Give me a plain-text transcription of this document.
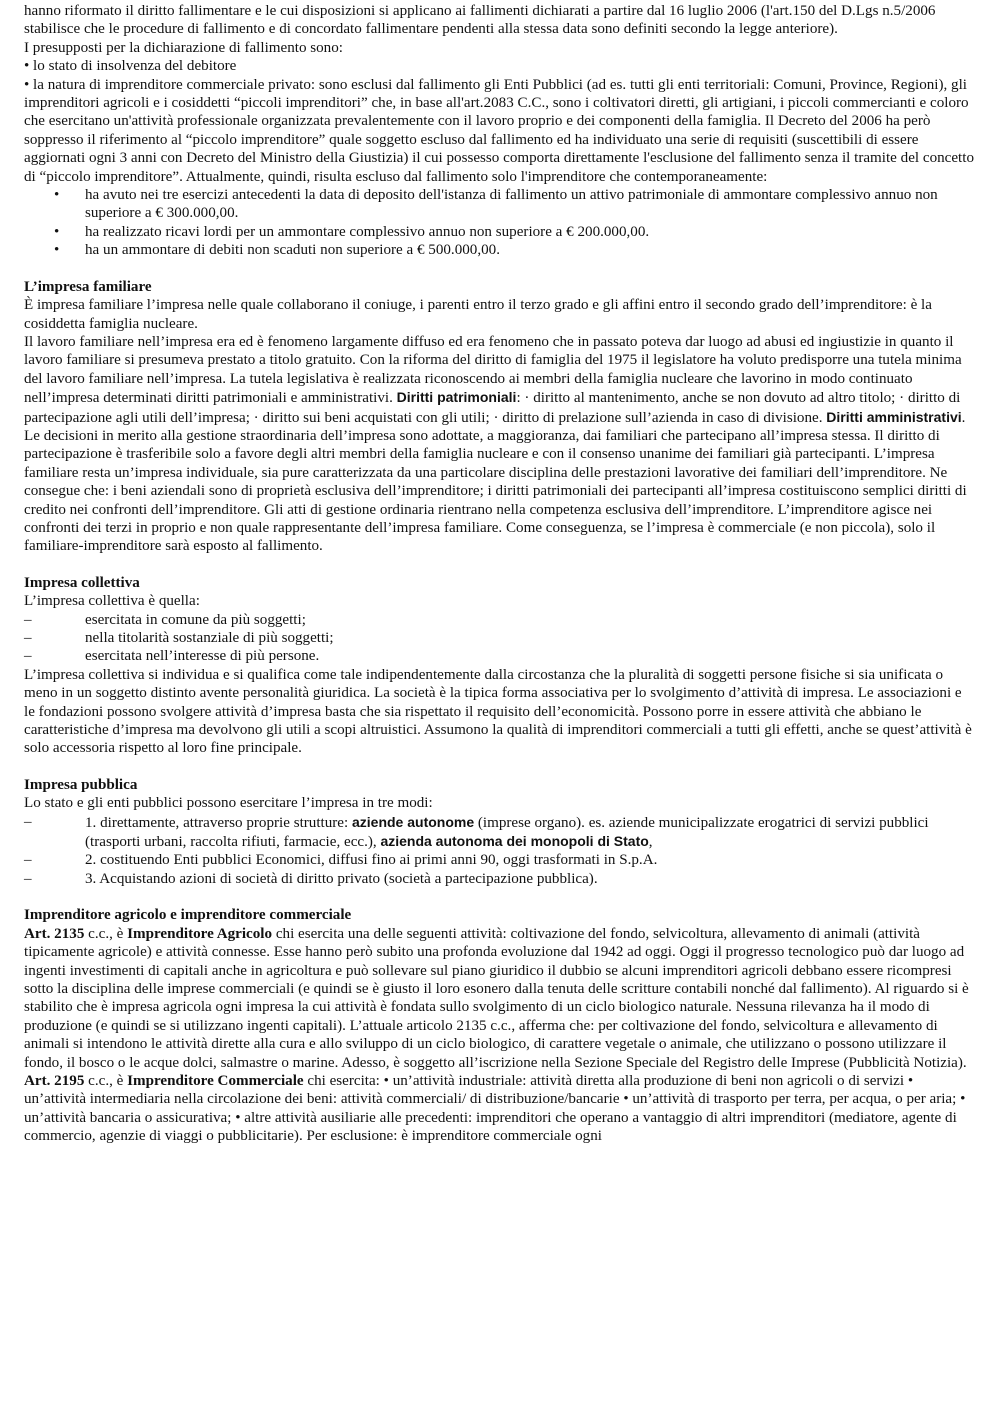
hanno riformato il diritto fallimentare e le cui disposizioni si applicano ai fallimenti dichiarati a partire dal 16 luglio 2006 (l'art.150 del D.Lgs n.5/2006 stabilisce che le procedure di fallimento e di concordato fallimentare pendenti alla stessa data sono definiti secondo la legge anteriore).

I presupposti per la dichiarazione di fallimento sono:

• lo stato di insolvenza del debitore

• la natura di imprenditore commerciale privato: sono esclusi dal fallimento gli Enti Pubblici (ad es. tutti gli enti territoriali: Comuni, Province, Regioni), gli imprenditori agricoli e i cosiddetti “piccoli imprenditori” che, in base all'art.2083 C.C., sono i coltivatori diretti, gli artigiani, i piccoli commercianti e coloro che esercitano un'attività professionale organizzata prevalentemente con il lavoro proprio e dei componenti della famiglia. Il Decreto del 2006 ha però soppresso il riferimento al “piccolo imprenditore” quale soggetto escluso dal fallimento ed ha individuato una serie di requisiti (suscettibili di essere aggiornati ogni 3 anni con Decreto del Ministro della Giustizia) il cui possesso comporta direttamente l'esclusione del fallimento senza il tramite del concetto di “piccolo imprenditore”. Attualmente, quindi, risulta escluso dal fallimento solo l'imprenditore che contemporaneamente:

• ha avuto nei tre esercizi antecedenti la data di deposito dell'istanza di fallimento un attivo patrimoniale di ammontare complessivo annuo non superiore a € 300.000,00.
• ha realizzato ricavi lordi per un ammontare complessivo annuo non superiore a € 200.000,00.
• ha un ammontare di debiti non scaduti non superiore a € 500.000,00.
L’impresa familiare

È impresa familiare l’impresa nelle quale collaborano il coniuge, i parenti entro il terzo grado e gli affini entro il secondo grado dell’imprenditore: è la cosiddetta famiglia nucleare.

Il lavoro familiare nell’impresa era ed è fenomeno largamente diffuso ed era fenomeno che in passato poteva dar luogo ad abusi ed ingiustizie in quanto il lavoro familiare si presumeva prestato a titolo gratuito. Con la riforma del diritto di famiglia del 1975 il legislatore ha voluto predisporre una tutela minima del lavoro familiare nell’impresa. La tutela legislativa è realizzata riconoscendo ai membri della famiglia nucleare che lavorino in modo continuato nell’impresa determinati diritti patrimoniali e amministrativi. Diritti patrimoniali: · diritto al mantenimento, anche se non dovuto ad altro titolo; · diritto di partecipazione agli utili dell’impresa; · diritto sui beni acquistati con gli utili; · diritto di prelazione sull’azienda in caso di divisione. Diritti amministrativi. Le decisioni in merito alla gestione straordinaria dell’impresa sono adottate, a maggioranza, dai familiari che partecipano all’impresa stessa. Il diritto di partecipazione è trasferibile solo a favore degli altri membri della famiglia nucleare e con il consenso unanime dei familiari già partecipanti. L’impresa familiare resta un’impresa individuale, sia pure caratterizzata da una particolare disciplina delle prestazioni lavorative dei familiari dell’imprenditore. Ne consegue che: i beni aziendali sono di proprietà esclusiva dell’imprenditore; i diritti patrimoniali dei partecipanti all’impresa costituiscono semplici diritti di credito nei confronti dell’imprenditore. Gli atti di gestione ordinaria rientrano nella competenza esclusiva dell’imprenditore. L’imprenditore agisce nei confronti dei terzi in proprio e non quale rappresentante dell’impresa familiare. Come conseguenza, se l’impresa è commerciale (e non piccola), solo il familiare-imprenditore sarà esposto al fallimento.

Impresa collettiva

L’impresa collettiva è quella:

– esercitata in comune da più soggetti;
– nella titolarità sostanziale di più soggetti;
– esercitata nell’interesse di più persone.

L’impresa collettiva si individua e si qualifica come tale indipendentemente dalla circostanza che la pluralità di soggetti persone fisiche si sia unificata o meno in un soggetto distinto avente personalità giuridica. La società è la tipica forma associativa per lo svolgimento d’attività di impresa. Le associazioni e le fondazioni possono svolgere attività d’impresa basta che sia rispettato il requisito dell’economicità. Possono porre in essere attività che abbiano le caratteristiche d’impresa ma devolvono gli utili a scopi altruistici. Assumono la qualità di imprenditori commerciali a tutti gli effetti, anche se quest’attività è solo accessoria rispetto al loro fine principale.

Impresa pubblica

Lo stato e gli enti pubblici possono esercitare l’impresa in tre modi:

– 1. direttamente, attraverso proprie strutture: aziende autonome (imprese organo). es. aziende municipalizzate erogatrici di servizi pubblici (trasporti urbani, raccolta rifiuti, farmacie, ecc.), azienda autonoma dei monopoli di Stato,
– 2. costituendo Enti pubblici Economici, diffusi fino ai primi anni 90, oggi trasformati in S.p.A.
– 3. Acquistando azioni di società di diritto privato (società a partecipazione pubblica).
Imprenditore agricolo e imprenditore commerciale

Art. 2135 c.c., è Imprenditore Agricolo chi esercita una delle seguenti attività: coltivazione del fondo, selvicoltura, allevamento di animali (attività tipicamente agricole) e attività connesse. Esse hanno però subito una profonda evoluzione dal 1942 ad oggi. Oggi il progresso tecnologico può dar luogo ad ingenti investimenti di capitali anche in agricoltura e può sollevare sul piano giuridico il dubbio se alcuni imprenditori agricoli debbano essere ricompresi sotto la disciplina delle imprese commerciali (e quindi se è giusto il loro esonero dalla tenuta delle scritture contabili nonché dal fallimento). Al riguardo si è stabilito che è impresa agricola ogni impresa la cui attività è fondata sullo svolgimento di un ciclo biologico naturale. Nessuna rilevanza ha il modo di produzione (e quindi se si utilizzano ingenti capitali). L’attuale articolo 2135 c.c., afferma che: per coltivazione del fondo, selvicoltura e allevamento di animali si intendono le attività dirette alla cura e allo sviluppo di un ciclo biologico, di carattere vegetale o animale, che utilizzano o possono utilizzare il fondo, il bosco o le acque dolci, salmastre o marine. Adesso, è soggetto all’iscrizione nella Sezione Speciale del Registro delle Imprese (Pubblicità Notizia).

Art. 2195 c.c., è Imprenditore Commerciale chi esercita: • un’attività industriale: attività diretta alla produzione di beni non agricoli o di servizi • un’attività intermediaria nella circolazione dei beni: attività commerciali/ di distribuzione/bancarie • un’attività di trasporto per terra, per acqua, o per aria; • un’attività bancaria o assicurativa; • altre attività ausiliarie alle precedenti: imprenditori che operano a vantaggio di altri imprenditori (mediatore, agente di commercio, agenzie di viaggi o pubblicitarie). Per esclusione: è imprenditore commerciale ogni
